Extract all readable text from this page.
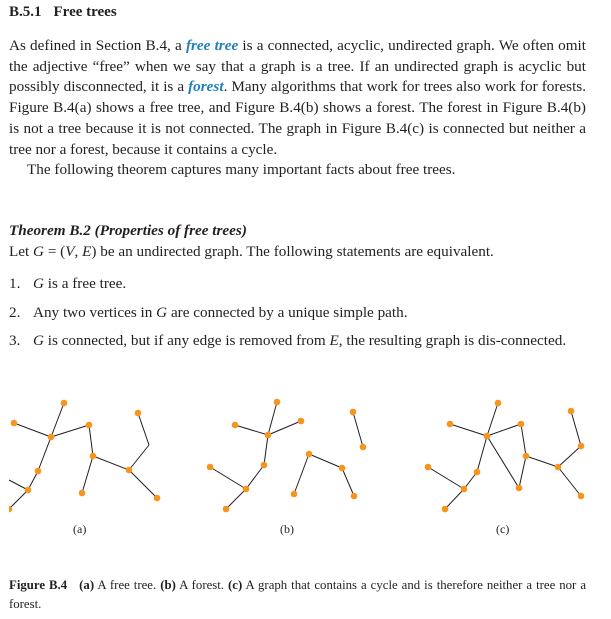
B.5.1 Free trees

As defined in Section B.4, a free tree is a connected, acyclic, undirected graph. We often omit the adjective “free” when we say that a graph is a tree. If an undirected graph is acyclic but possibly disconnected, it is a forest. Many algorithms that work for trees also work for forests. Figure B.4(a) shows a free tree, and Figure B.4(b) shows a forest. The forest in Figure B.4(b) is not a tree because it is not connected. The graph in Figure B.4(c) is connected but neither a tree nor a forest, because it contains a cycle.

The following theorem captures many important facts about free trees.

Theorem B.2 (Properties of free trees)
Let G = (V, E) be an undirected graph. The following statements are equivalent.
1. G is a free tree.
2. Any two vertices in G are connected by a unique simple path.
3. G is connected, but if any edge is removed from E, the resulting graph is dis-connected.
(a)	(b)	(c)
Figure B.4 (a) A free tree. (b) A forest. (c) A graph that contains a cycle and is therefore neither a tree nor a forest.
